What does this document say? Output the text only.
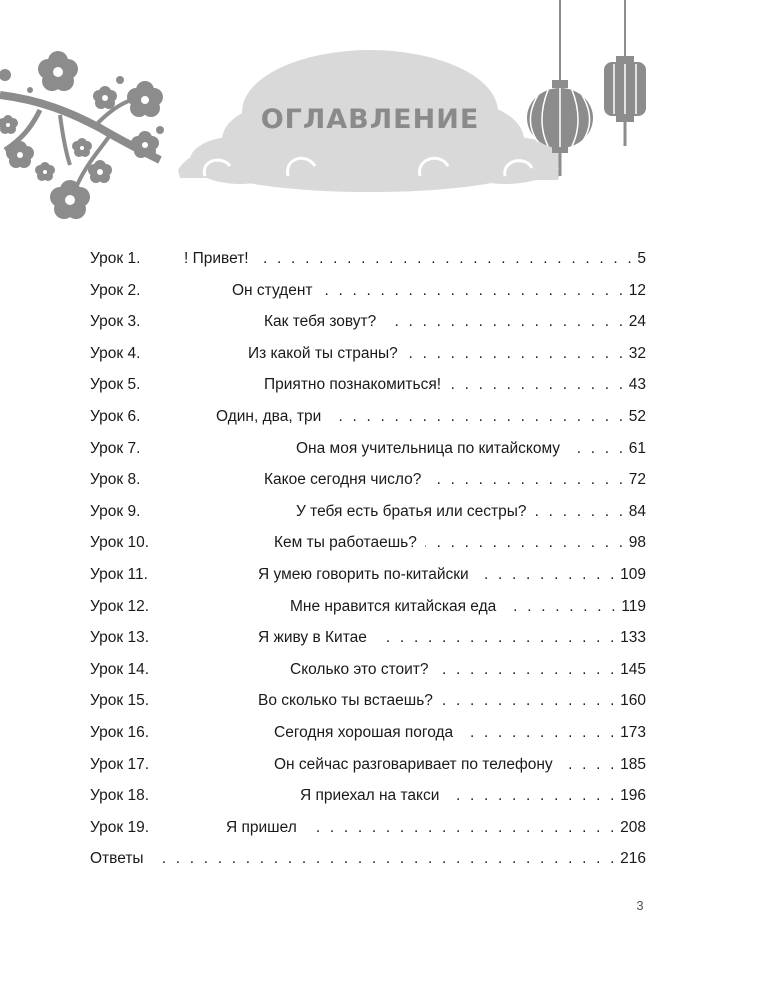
ОГЛАВЛЕНИЕ
Урок 1.	! Привет! . . .	5
Урок 2.	Он студент . . .	12
Урок 3.	Как тебя зовут? . . .	24
Урок 4.	Из какой ты страны? . . .	32
Урок 5.	Приятно познакомиться! . . .	43
Урок 6.	Один, два, три . . .	52
Урок 7.	Она моя учительница по китайскому . . .	61
Урок 8.	Какое сегодня число? . . .	72
Урок 9.	У тебя есть братья или сестры? . . .	84
Урок 10.	Кем ты работаешь? . . .	98
Урок 11.	Я умею говорить по-китайски . . .	109
Урок 12.	Мне нравится китайская еда . . .	119
Урок 13.	Я живу в Китае . . .	133
Урок 14.	Сколько это стоит? . . .	145
Урок 15.	Во сколько ты встаешь? . . .	160
Урок 16.	Сегодня хорошая погода . . .	173
Урок 17.	Он сейчас разговаривает по телефону . . .	185
Урок 18.	Я приехал на такси . . .	196
Урок 19.	Я пришел . . .	208
Ответы . . .	216
3
